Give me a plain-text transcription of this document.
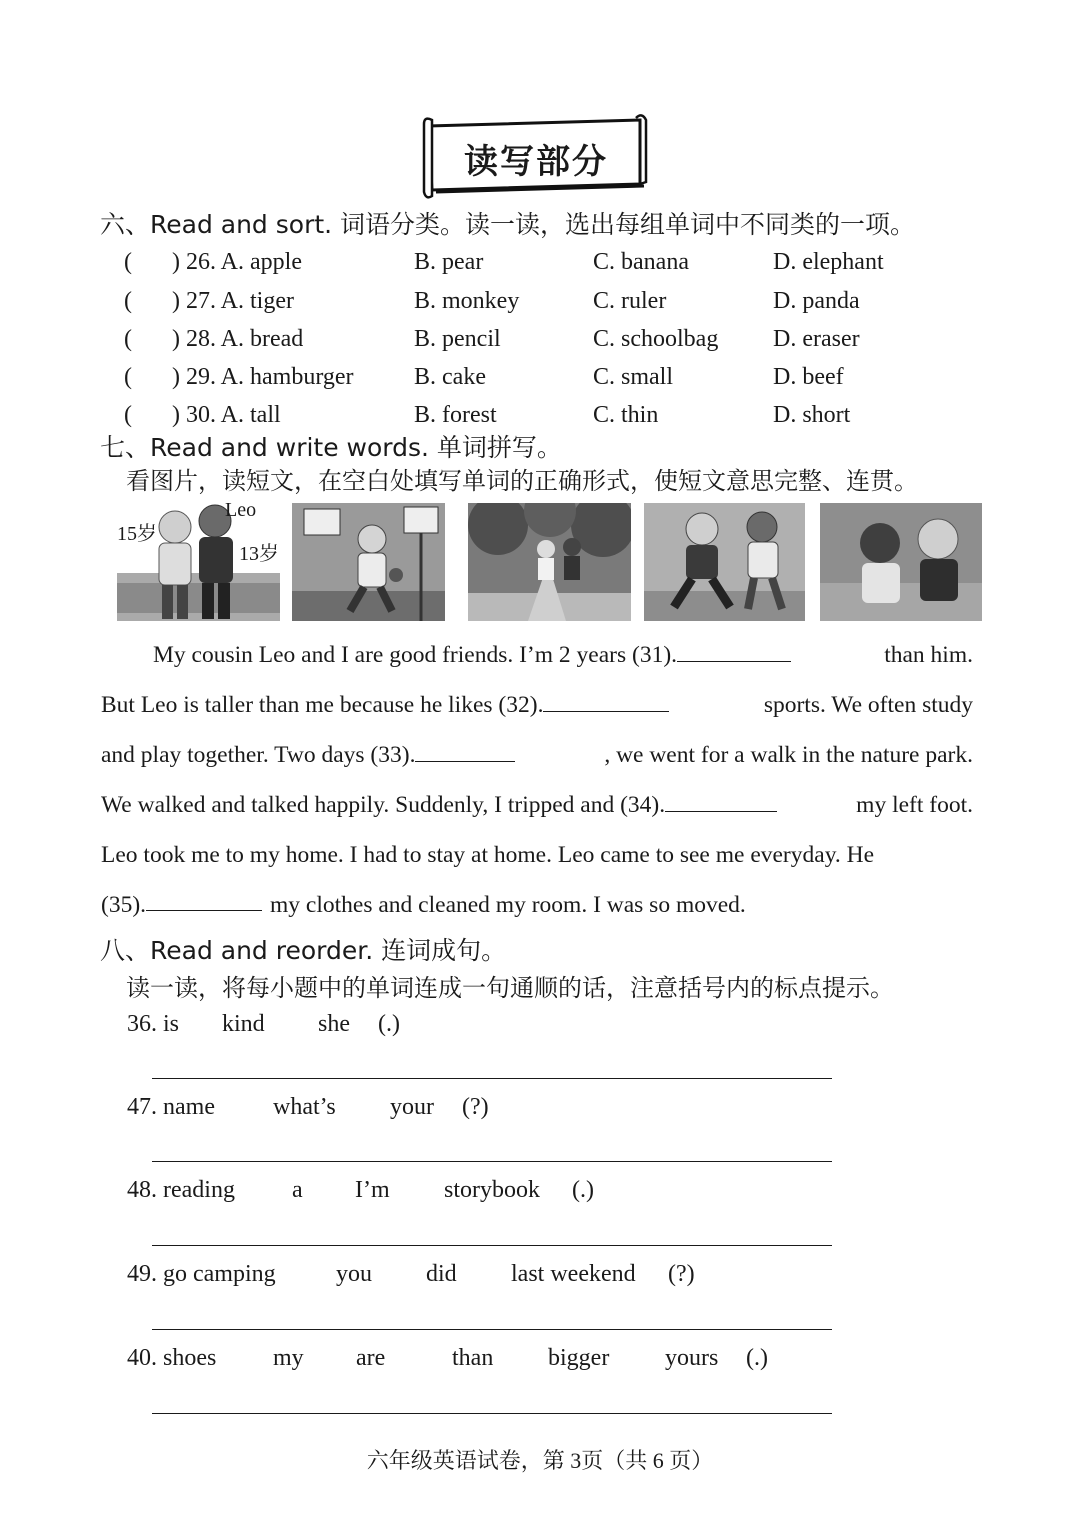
读写部分
六、Read and sort. 词语分类。读一读，选出每组单词中不同类的一项。
( ) 26. A. apple	B. pear	C. banana	D. elephant
( ) 27. A. tiger	B. monkey	C. ruler	D. panda
( ) 28. A. bread	B. pencil	C. schoolbag D. eraser
( ) 29. A. hamburger	B. cake	C. small	D. beef
( ) 30. A. tall	B. forest	C. thin	D. short
七、Read and write words. 单词拼写。
看图片，读短文，在空白处填写单词的正确形式，使短文意思完整、连贯。
15岁
Leo
13岁
My cousin Leo and I are good friends. I’m 2 years (31).	than him.
But Leo is taller than me because he likes (32).	sports. We often study
and play together. Two days (33).	, we went for a walk in the nature park.
We walked and talked happily. Suddenly, I tripped and (34).	my left foot.
Leo took me to my home. I had to stay at home. Leo came to see me everyday. He
(35).	my clothes and cleaned my room. I was so moved.
八、Read and reorder. 连词成句。
读一读，将每小题中的单词连成一句通顺的话，注意括号内的标点提示。
36. is kind she (.)
47. name what’s your (?)
48. reading a I’m storybook (.)
49. go camping	you did last weekend (?)
40. shoes my are	than bigger yours (.)
六年级英语试卷，第 3页（共 6 页）
